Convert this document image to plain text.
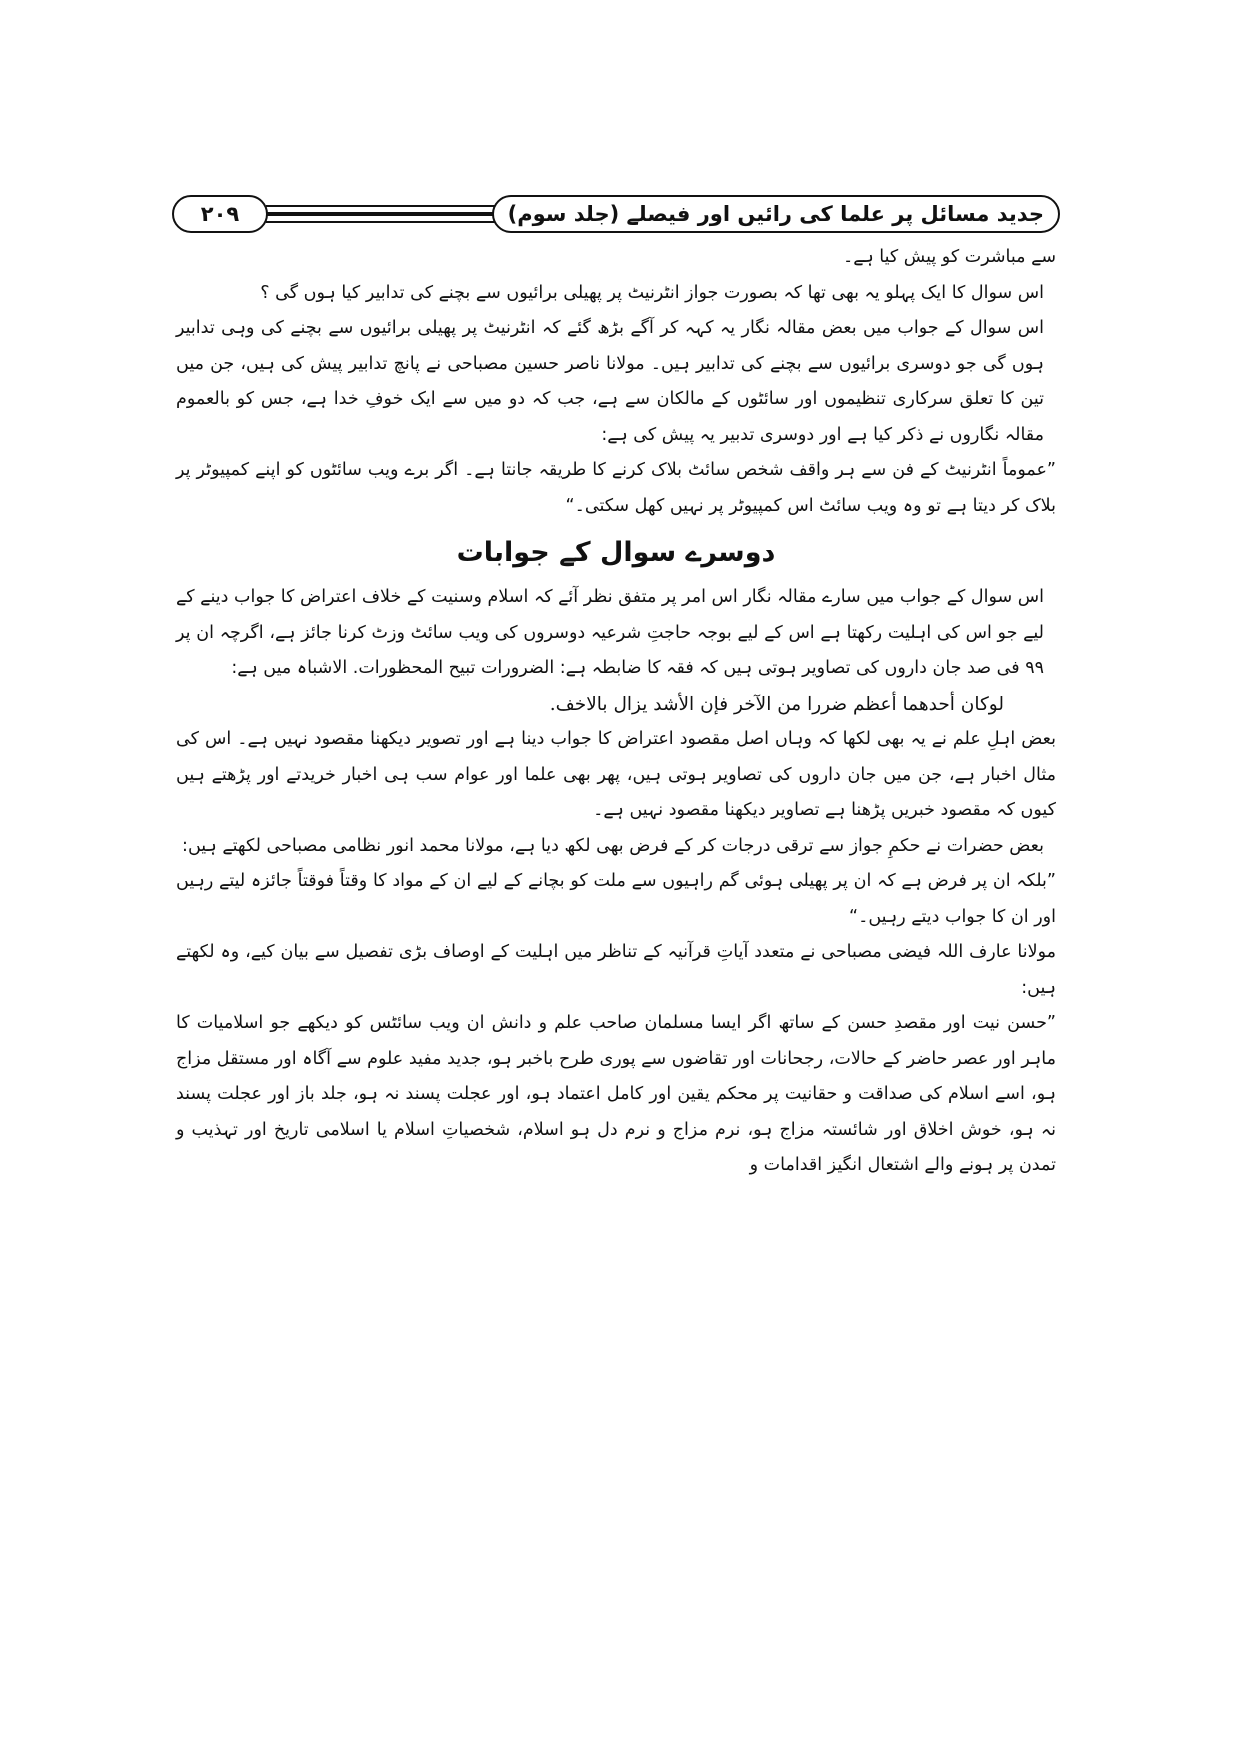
۲۰۹	جدید مسائل پر علما کی رائیں اور فیصلے (جلد سوم)

سے مباشرت کو پیش کیا ہے۔

اس سوال کا ایک پہلو یہ بھی تھا کہ بصورت جواز انٹرنیٹ پر پھیلی برائیوں سے بچنے کی تدابیر کیا ہوں گی ؟

اس سوال کے جواب میں بعض مقالہ نگار یہ کہہ کر آگے بڑھ گئے کہ انٹرنیٹ پر پھیلی برائیوں سے بچنے کی وہی تدابیر ہوں گی جو دوسری برائیوں سے بچنے کی تدابیر ہیں۔ مولانا ناصر حسین مصباحی نے پانچ تدابیر پیش کی ہیں، جن میں تین کا تعلق سرکاری تنظیموں اور سائٹوں کے مالکان سے ہے، جب کہ دو میں سے ایک خوفِ خدا ہے، جس کو بالعموم مقالہ نگاروں نے ذکر کیا ہے اور دوسری تدبیر یہ پیش کی ہے:

”عموماً انٹرنیٹ کے فن سے ہر واقف شخص سائٹ بلاک کرنے کا طریقہ جانتا ہے۔ اگر برے ویب سائٹوں کو اپنے کمپیوٹر پر بلاک کر دیتا ہے تو وہ ویب سائٹ اس کمپیوٹر پر نہیں کھل سکتی۔“

دوسرے سوال کے جوابات

اس سوال کے جواب میں سارے مقالہ نگار اس امر پر متفق نظر آئے کہ اسلام وسنیت کے خلاف اعتراض کا جواب دینے کے لیے جو اس کی اہلیت رکھتا ہے اس کے لیے بوجہ حاجتِ شرعیہ دوسروں کی ویب سائٹ وزٹ کرنا جائز ہے، اگرچہ ان پر ۹۹ فی صد جان داروں کی تصاویر ہوتی ہیں کہ فقہ کا ضابطہ ہے: الضرورات تبيح المحظورات. الاشباہ میں ہے:

لوكان أحدهما أعظم ضررا من الآخر فإن الأشد يزال بالاخف.

بعض اہلِ علم نے یہ بھی لکھا کہ وہاں اصل مقصود اعتراض کا جواب دینا ہے اور تصویر دیکھنا مقصود نہیں ہے۔ اس کی مثال اخبار ہے، جن میں جان داروں کی تصاویر ہوتی ہیں، پھر بھی علما اور عوام سب ہی اخبار خریدتے اور پڑھتے ہیں کیوں کہ مقصود خبریں پڑھنا ہے تصاویر دیکھنا مقصود نہیں ہے۔

بعض حضرات نے حکمِ جواز سے ترقی درجات کر کے فرض بھی لکھ دیا ہے، مولانا محمد انور نظامی مصباحی لکھتے ہیں:

”بلکہ ان پر فرض ہے کہ ان پر پھیلی ہوئی گم راہیوں سے ملت کو بچانے کے لیے ان کے مواد کا وقتاً فوقتاً جائزہ لیتے رہیں اور ان کا جواب دیتے رہیں۔“

مولانا عارف اللہ فیضی مصباحی نے متعدد آیاتِ قرآنیہ کے تناظر میں اہلیت کے اوصاف بڑی تفصیل سے بیان کیے، وہ لکھتے ہیں:

”حسن نیت اور مقصدِ حسن کے ساتھ اگر ایسا مسلمان صاحب علم و دانش ان ویب سائٹس کو دیکھے جو اسلامیات کا ماہر اور عصر حاضر کے حالات، رجحانات اور تقاضوں سے پوری طرح باخبر ہو، جدید مفید علوم سے آگاہ اور مستقل مزاج ہو، اسے اسلام کی صداقت و حقانیت پر محکم یقین اور کامل اعتماد ہو، اور عجلت پسند نہ ہو، جلد باز اور عجلت پسند نہ ہو، خوش اخلاق اور شائستہ مزاج ہو، نرم مزاج و نرم دل ہو اسلام، شخصیاتِ اسلام یا اسلامی تاریخ اور تہذیب و تمدن پر ہونے والے اشتعال انگیز اقدامات و
